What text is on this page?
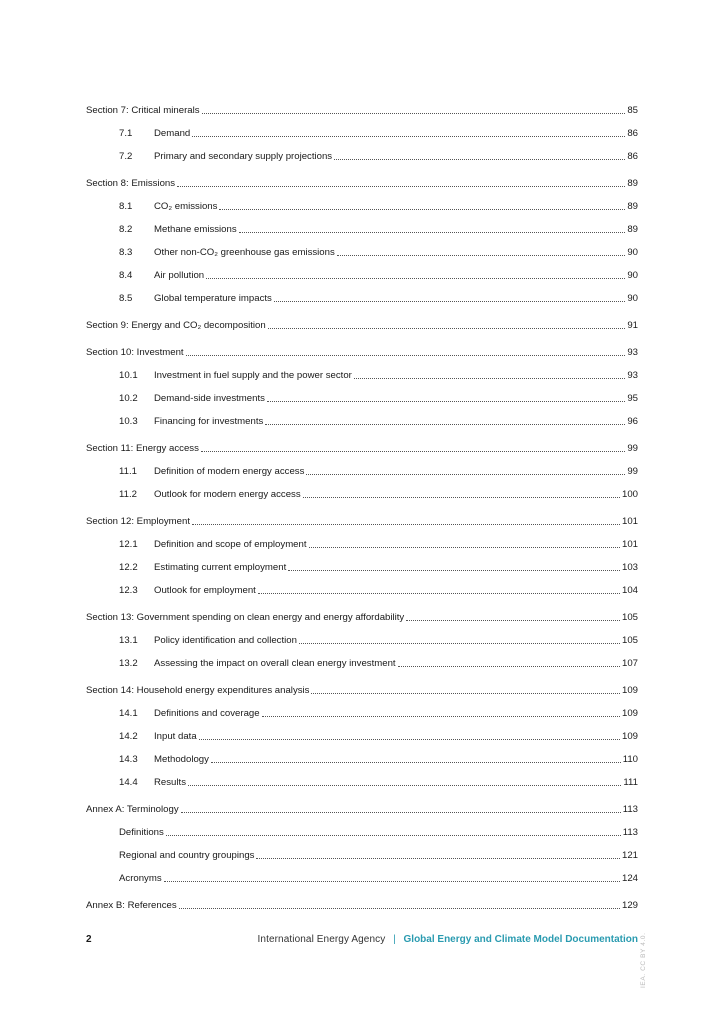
Section 7: Critical minerals	85
7.1	Demand	86
7.2	Primary and secondary supply projections	86
Section 8: Emissions	89
8.1	CO₂ emissions	89
8.2	Methane emissions	89
8.3	Other non-CO₂ greenhouse gas emissions	90
8.4	Air pollution	90
8.5	Global temperature impacts	90
Section 9: Energy and CO₂ decomposition	91
Section 10: Investment	93
10.1	Investment in fuel supply and the power sector	93
10.2	Demand-side investments	95
10.3	Financing for investments	96
Section 11: Energy access	99
11.1	Definition of modern energy access	99
11.2	Outlook for modern energy access	100
Section 12: Employment	101
12.1	Definition and scope of employment	101
12.2	Estimating current employment	103
12.3	Outlook for employment	104
Section 13: Government spending on clean energy and energy affordability	105
13.1	Policy identification and collection	105
13.2	Assessing the impact on overall clean energy investment	107
Section 14: Household energy expenditures analysis	109
14.1	Definitions and coverage	109
14.2	Input data	109
14.3	Methodology	110
14.4	Results	111
Annex A: Terminology	113
Definitions	113
Regional and country groupings	121
Acronyms	124
Annex B: References	129
2	International Energy Agency | Global Energy and Climate Model Documentation IEA. CC BY 4.0.
